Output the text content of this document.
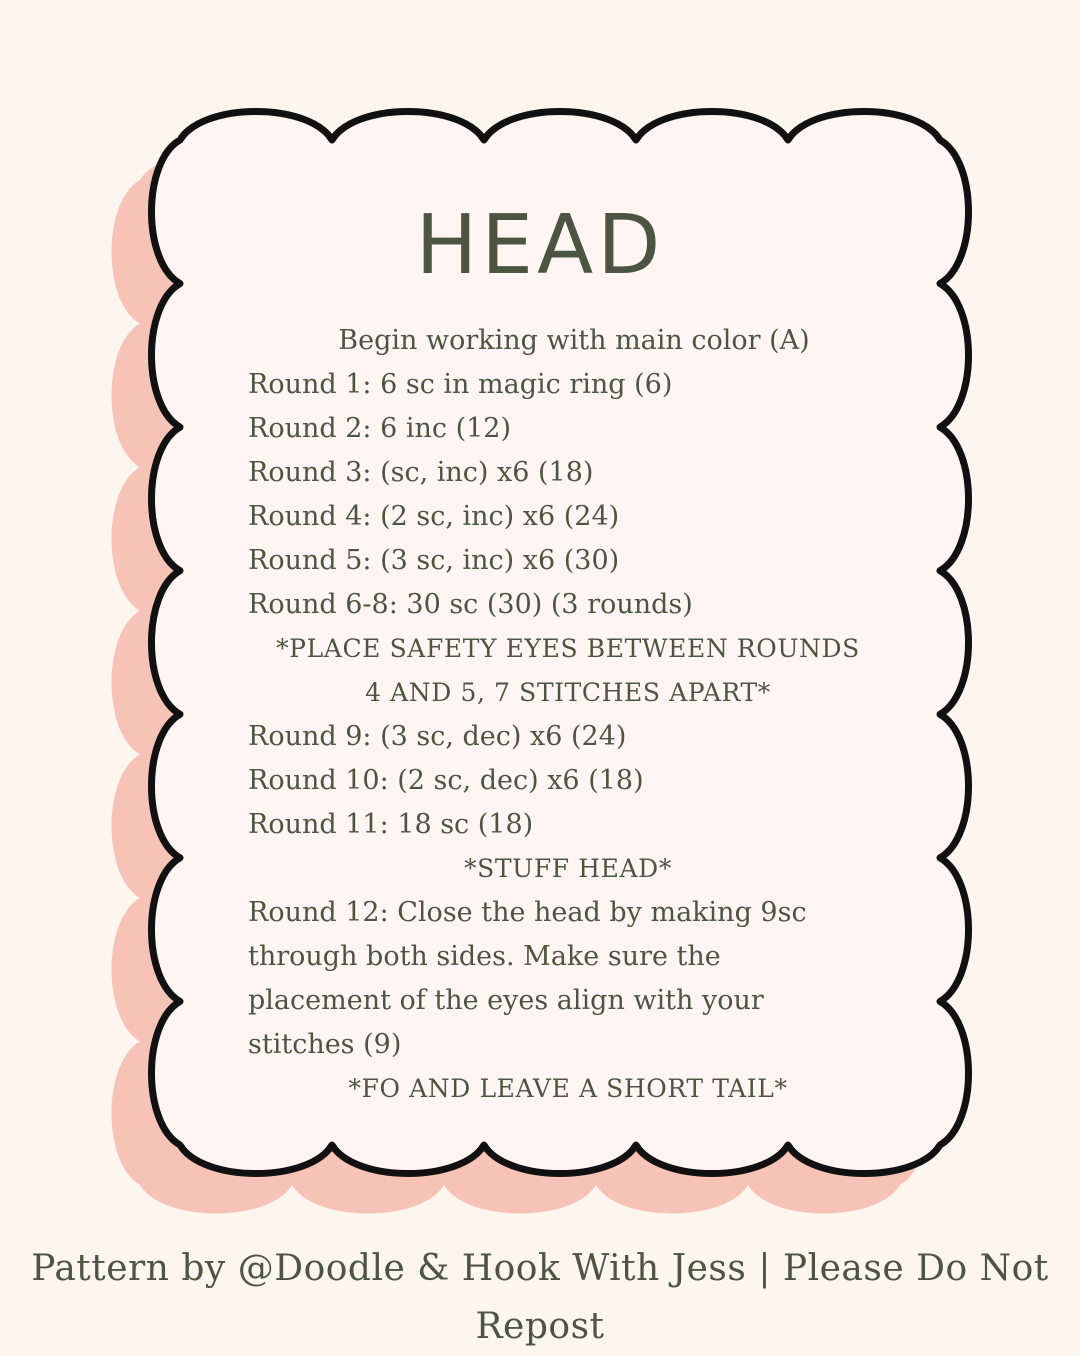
HEAD
Begin working with main color (A)
Round 1: 6 sc in magic ring (6)
Round 2: 6 inc (12)
Round 3: (sc, inc) x6 (18)
Round 4: (2 sc, inc) x6 (24)
Round 5: (3 sc, inc) x6 (30)
Round 6-8: 30 sc (30) (3 rounds)
*PLACE SAFETY EYES BETWEEN ROUNDS
4 AND 5, 7 STITCHES APART*
Round 9: (3 sc, dec) x6 (24)
Round 10: (2 sc, dec) x6 (18)
Round 11: 18 sc (18)
*STUFF HEAD*
Round 12: Close the head by making 9sc
through both sides. Make sure the
placement of the eyes align with your
stitches (9)
*FO AND LEAVE A SHORT TAIL*
Pattern by @Doodle & Hook With Jess | Please Do Not
Repost
